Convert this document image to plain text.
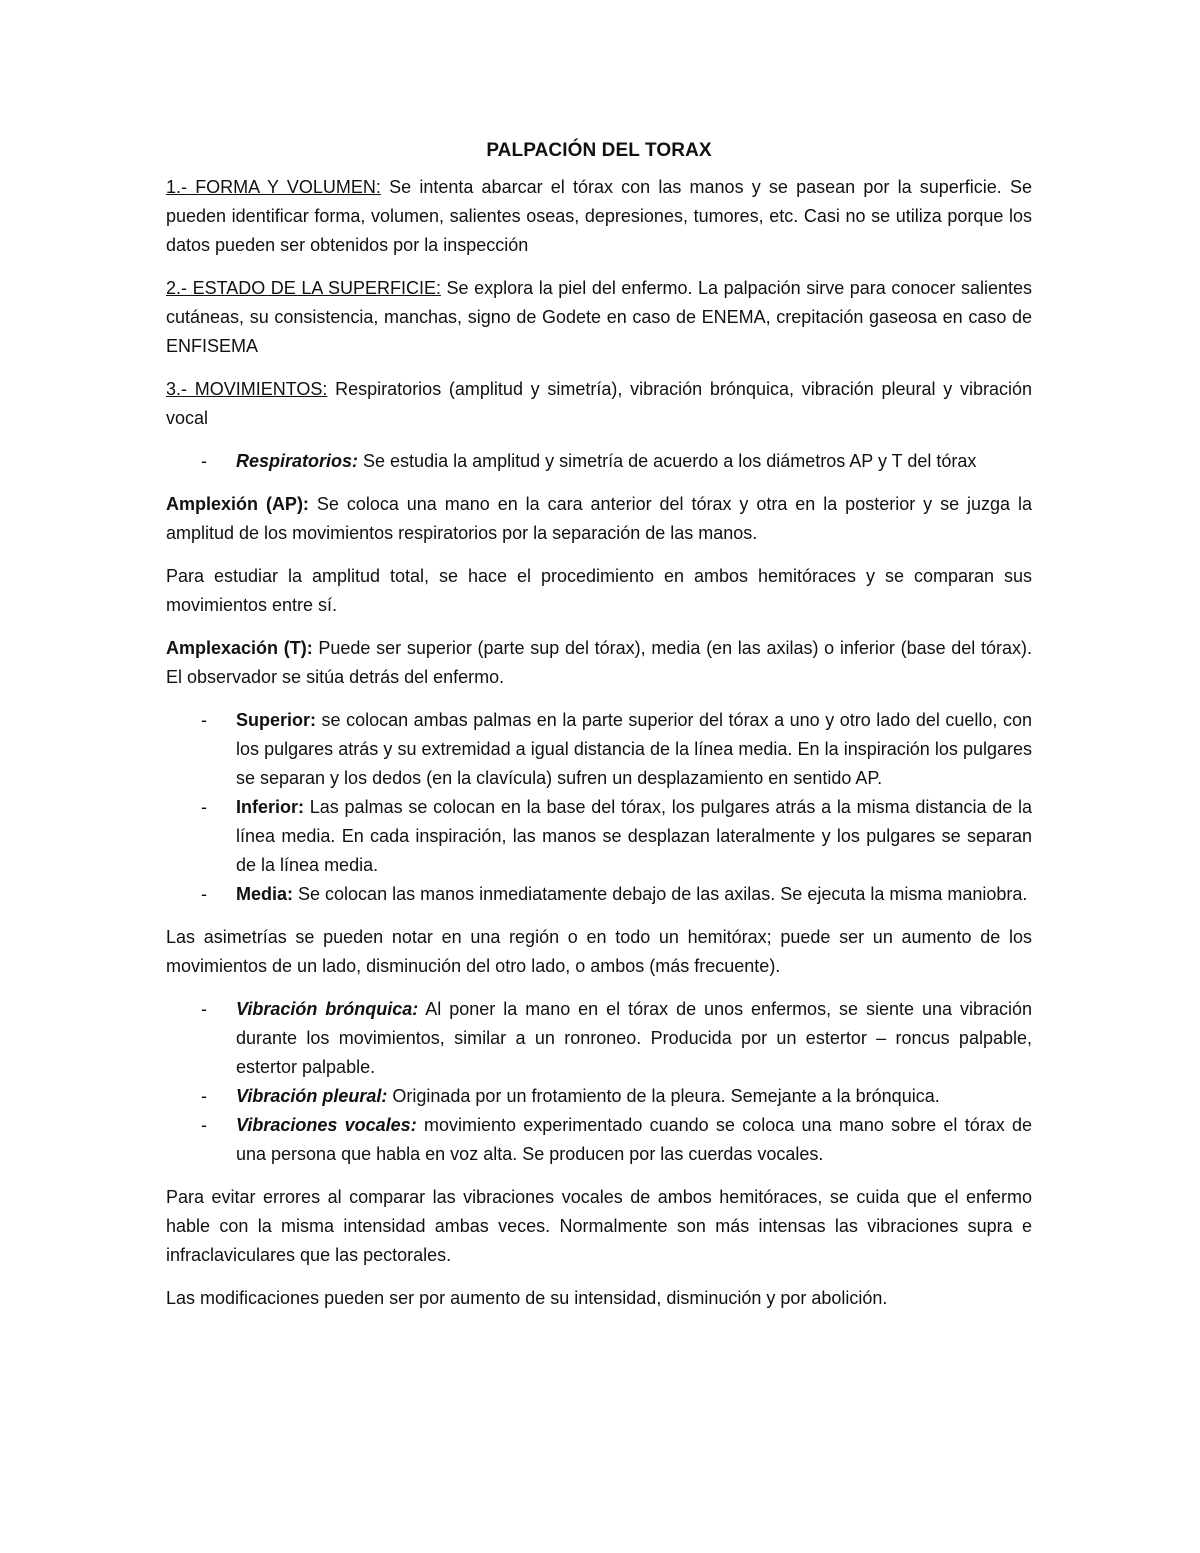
PALPACIÓN DEL TORAX

1.- FORMA Y VOLUMEN: Se intenta abarcar el tórax con las manos y se pasean por la superficie. Se pueden identificar forma, volumen, salientes oseas, depresiones, tumores, etc. Casi no se utiliza porque los datos pueden ser obtenidos por la inspección

2.- ESTADO DE LA SUPERFICIE: Se explora la piel del enfermo. La palpación sirve para conocer salientes cutáneas, su consistencia, manchas, signo de Godete en caso de ENEMA, crepitación gaseosa en caso de ENFISEMA

3.- MOVIMIENTOS: Respiratorios (amplitud y simetría), vibración brónquica, vibración pleural y vibración vocal

- Respiratorios: Se estudia la amplitud y simetría de acuerdo a los diámetros AP y T del tórax

Amplexión (AP): Se coloca una mano en la cara anterior del tórax y otra en la posterior y se juzga la amplitud de los movimientos respiratorios por la separación de las manos.

Para estudiar la amplitud total, se hace el procedimiento en ambos hemitóraces y se comparan sus movimientos entre sí.

Amplexación (T): Puede ser superior (parte sup del tórax), media (en las axilas) o inferior (base del tórax). El observador se sitúa detrás del enfermo.

- Superior: se colocan ambas palmas en la parte superior del tórax a uno y otro lado del cuello, con los pulgares atrás y su extremidad a igual distancia de la línea media. En la inspiración los pulgares se separan y los dedos (en la clavícula) sufren un desplazamiento en sentido AP.
- Inferior: Las palmas se colocan en la base del tórax, los pulgares atrás a la misma distancia de la línea media. En cada inspiración, las manos se desplazan lateralmente y los pulgares se separan de la línea media.
- Media: Se colocan las manos inmediatamente debajo de las axilas. Se ejecuta la misma maniobra.

Las asimetrías se pueden notar en una región o en todo un hemitórax; puede ser un aumento de los movimientos de un lado, disminución del otro lado, o ambos (más frecuente).

- Vibración brónquica: Al poner la mano en el tórax de unos enfermos, se siente una vibración durante los movimientos, similar a un ronroneo. Producida por un estertor – roncus palpable, estertor palpable.
- Vibración pleural: Originada por un frotamiento de la pleura. Semejante a la brónquica.
- Vibraciones vocales: movimiento experimentado cuando se coloca una mano sobre el tórax de una persona que habla en voz alta. Se producen por las cuerdas vocales.

Para evitar errores al comparar las vibraciones vocales de ambos hemitóraces, se cuida que el enfermo hable con la misma intensidad ambas veces. Normalmente son más intensas las vibraciones supra e infraclaviculares que las pectorales.

Las modificaciones pueden ser por aumento de su intensidad, disminución y por abolición.
